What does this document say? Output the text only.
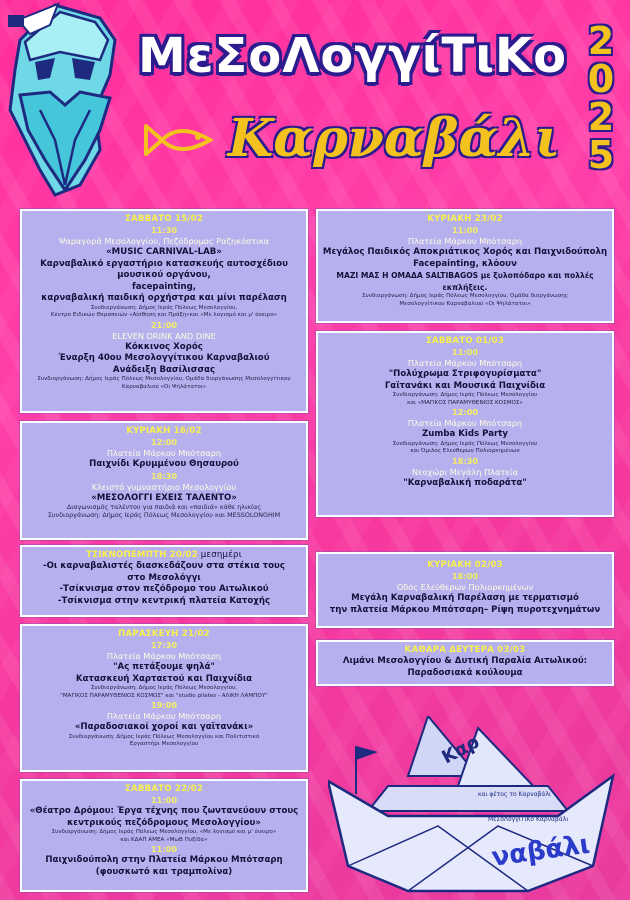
ΜεΣοΛογγίΤιΚο
Καρναβάλι
2
0
2
5
ΣΑΒΒΑΤΟ 15/02
11:30
Ψαραγορά Μεσολογγίου, Πεζόδρομος Ραζηκόστικα
«MUSIC CARNIVAL-LAB»
Καρναβαλικό εργαστήριο κατασκευής αυτοσχέδιου
μουσικού οργάνου,
facepainting,
καρναβαλική παιδική ορχήστρα και μίνι παρέλαση
Συνδιοργάνωση: Δήμος Ιεράς Πόλεως Μεσολογγίου,
Κέντρο Ειδικών Θεραπειών «Αίσθηση και Πράξη»και «Με λογισμό και μ' όνειρο»
21:00
ELEVEN DRINK AND DINE
Κόκκινος Χορός
Έναρξη 40ου Μεσολογγίτικου Καρναβαλιού
Ανάδειξη Βασίλισσας
Συνδιοργάνωση: Δήμος Ιεράς Πόλεως Μεσολογγίου, Ομάδα διοργάνωσης Μεσολογγίτικου
Καρναβαλιού «Οι Ψηλάτατοι»
ΚΥΡΙΑΚΗ 16/02
12:00
Πλατεία Μάρκου Μπότσαρη
Παιχνίδι Κρυμμένου Θησαυρού
18:30
Κλειστό γυμναστήριο Μεσολογγίου
«ΜΕΣΟΛΟΓΓΙ ΕΧΕΙΣ ΤΑΛΕΝΤΟ»
Διαγωνισμός ταλέντου για παιδιά και «παιδιά» κάθε ηλικίας
Συνδιοργάνωση: Δήμος Ιεράς Πόλεως Μεσολογγίου και MESSOLONGHIM
ΤΣΙΚΝΟΠΕΜΠΤΗ 20/02 μεσημέρι
-Οι καρναβαλιστές διασκεδάζουν στα στέκια τους
στο Μεσολόγγι
-Τσίκνισμα στον πεζόδρομο του Αιτωλικού
-Τσίκνισμα στην κεντρική πλατεία Κατοχής
ΠΑΡΑΣΚΕΥΗ 21/02
17:30
Πλατεία Μάρκου Μπότσαρη
"Ας πετάξουμε ψηλά"
Κατασκευή Χαρταετού και Παιχνίδια
Συνδιοργάνωση: Δήμος Ιεράς Πόλεως Μεσολογγίου,
"ΜΑΓΙΚΟΣ ΠΑΡΑΜΥΘΕΝΙΟΣ ΚΟΣΜΟΣ" και "studio pilates - ΑΛΙΚΗ ΛΑΜΠΟΥ"
19:00
Πλατεία Μάρκου Μπότσαρη
«Παραδοσιακοί χοροί και γαϊτανάκι»
Συνδιοργάνωση: Δήμος Ιεράς Πόλεως Μεσολογγίου και Πολιτιστικό
Εργαστήρι Μεσολογγίου
ΣΑΒΒΑΤΟ 22/02
11:00
«Θέατρο Δρόμου: Έργα τέχνης που ζωντανεύουν στους
κεντρικούς πεζόδρομους Μεσολογγίου»
Συνδιοργάνωση: Δήμος Ιεράς Πόλεως Μεσολογγίου, «Με λογισμό και μ' όνειρο»
και ΚΔΑΠ ΑΜΕΑ «ΜωΒ Πυξίδα»
11:00
Παιχνιδούπολη στην Πλατεία Μάρκου Μπότσαρη
(φουσκωτό και τραμπολίνα)
ΚΥΡΙΑΚΗ 23/02
11:00
Πλατεία Μάρκου Μπότσαρη
Μεγάλος Παιδικός Αποκριάτικος Χορός και Παιχνιδούπολη
Facepainting, κλόουν
ΜΑΖΙ ΜΑΣ Η ΟΜΑΔΑ SALTIBAGOS με ξυλοπόδαρο και πολλές
εκπλήξεις.
Συνδιοργάνωση: Δήμος Ιεράς Πόλεως Μεσολογγίου, Ομάδα διοργάνωσης
Μεσολογγίτικου Καρναβαλιού «Οι Ψηλάτατοι»
ΣΑΒΒΑΤΟ 01/03
11:00
Πλατεία Μάρκου Μπότσαρη
"Πολύχρωμα Στριφογυρίσματα"
Γαϊτανάκι και Μουσικά Παιχνίδια
Συνδιοργάνωση: Δήμος Ιεράς Πόλεως Μεσολογγίου
και «ΜΑΓΙΚΟΣ ΠΑΡΑΜΥΘΕΝΙΟΣ ΚΟΣΜΟΣ»
12:00
Πλατεία Μάρκου Μπότσαρη
Zumba Kids Party
Συνδιοργάνωση: Δήμος Ιεράς Πόλεως Μεσολογγίου
και Όμιλος Ελεύθερων Πολιορκημένων
18:30
Νεοχώρι Μεγάλη Πλατεία
"Καρναβαλική ποδαράτα"
ΚΥΡΙΑΚΗ 02/03
18:00
Οδός Ελεύθερων Πολιορκημένων
Μεγάλη Καρναβαλική Παρέλαση με τερματισμό
την πλατεία Μάρκου Μπότσαρη– Ρίψη πυροτεχνημάτων
ΚΑΘΑΡΑ ΔΕΥΤΕΡΑ 03/03
Λιμάνι Μεσολογγίου & Δυτική Παραλία Αιτωλικού:
Παραδοσιακά κούλουμα
Καρ
ΜεΣοΛογγίΤιΚο Καρναβάλι
και φέτος το Καρναβάλι
ναβάλι
